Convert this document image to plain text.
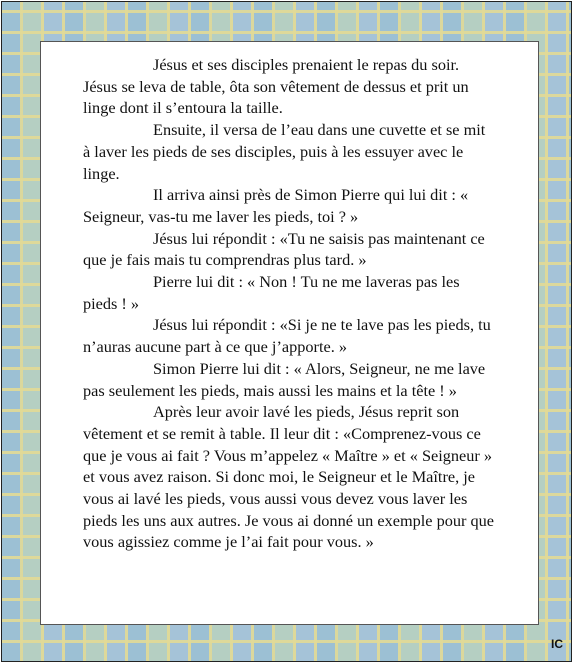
Jésus et ses disciples prenaient le repas du soir. Jésus se leva de table, ôta son vêtement de dessus et prit un linge dont il s’entoura la taille.

Ensuite, il versa de l’eau dans une cuvette et se mit à laver les pieds de ses disciples, puis à les essuyer avec le linge.

Il arriva ainsi près de Simon Pierre qui lui dit : « Seigneur, vas-tu me laver les pieds, toi ? »

Jésus lui répondit : «Tu ne saisis pas maintenant ce que je fais mais tu comprendras plus tard. »

Pierre lui dit : « Non ! Tu ne me laveras pas les pieds ! »

Jésus lui répondit : «Si je ne te lave pas les pieds, tu n’auras aucune part à ce que j’apporte. »

Simon Pierre lui dit : « Alors, Seigneur, ne me lave pas seulement les pieds, mais aussi les mains et la tête ! »

Après leur avoir lavé les pieds, Jésus reprit son vêtement et se remit à table. Il leur dit : «Comprenez-vous ce que je vous ai fait ? Vous m’appelez « Maître » et « Seigneur » et vous avez raison. Si donc moi, le Seigneur et le Maître, je vous ai lavé les pieds, vous aussi vous devez vous laver les pieds les uns aux autres. Je vous ai donné un exemple pour que vous agissiez comme je l’ai fait pour vous. »

IC
